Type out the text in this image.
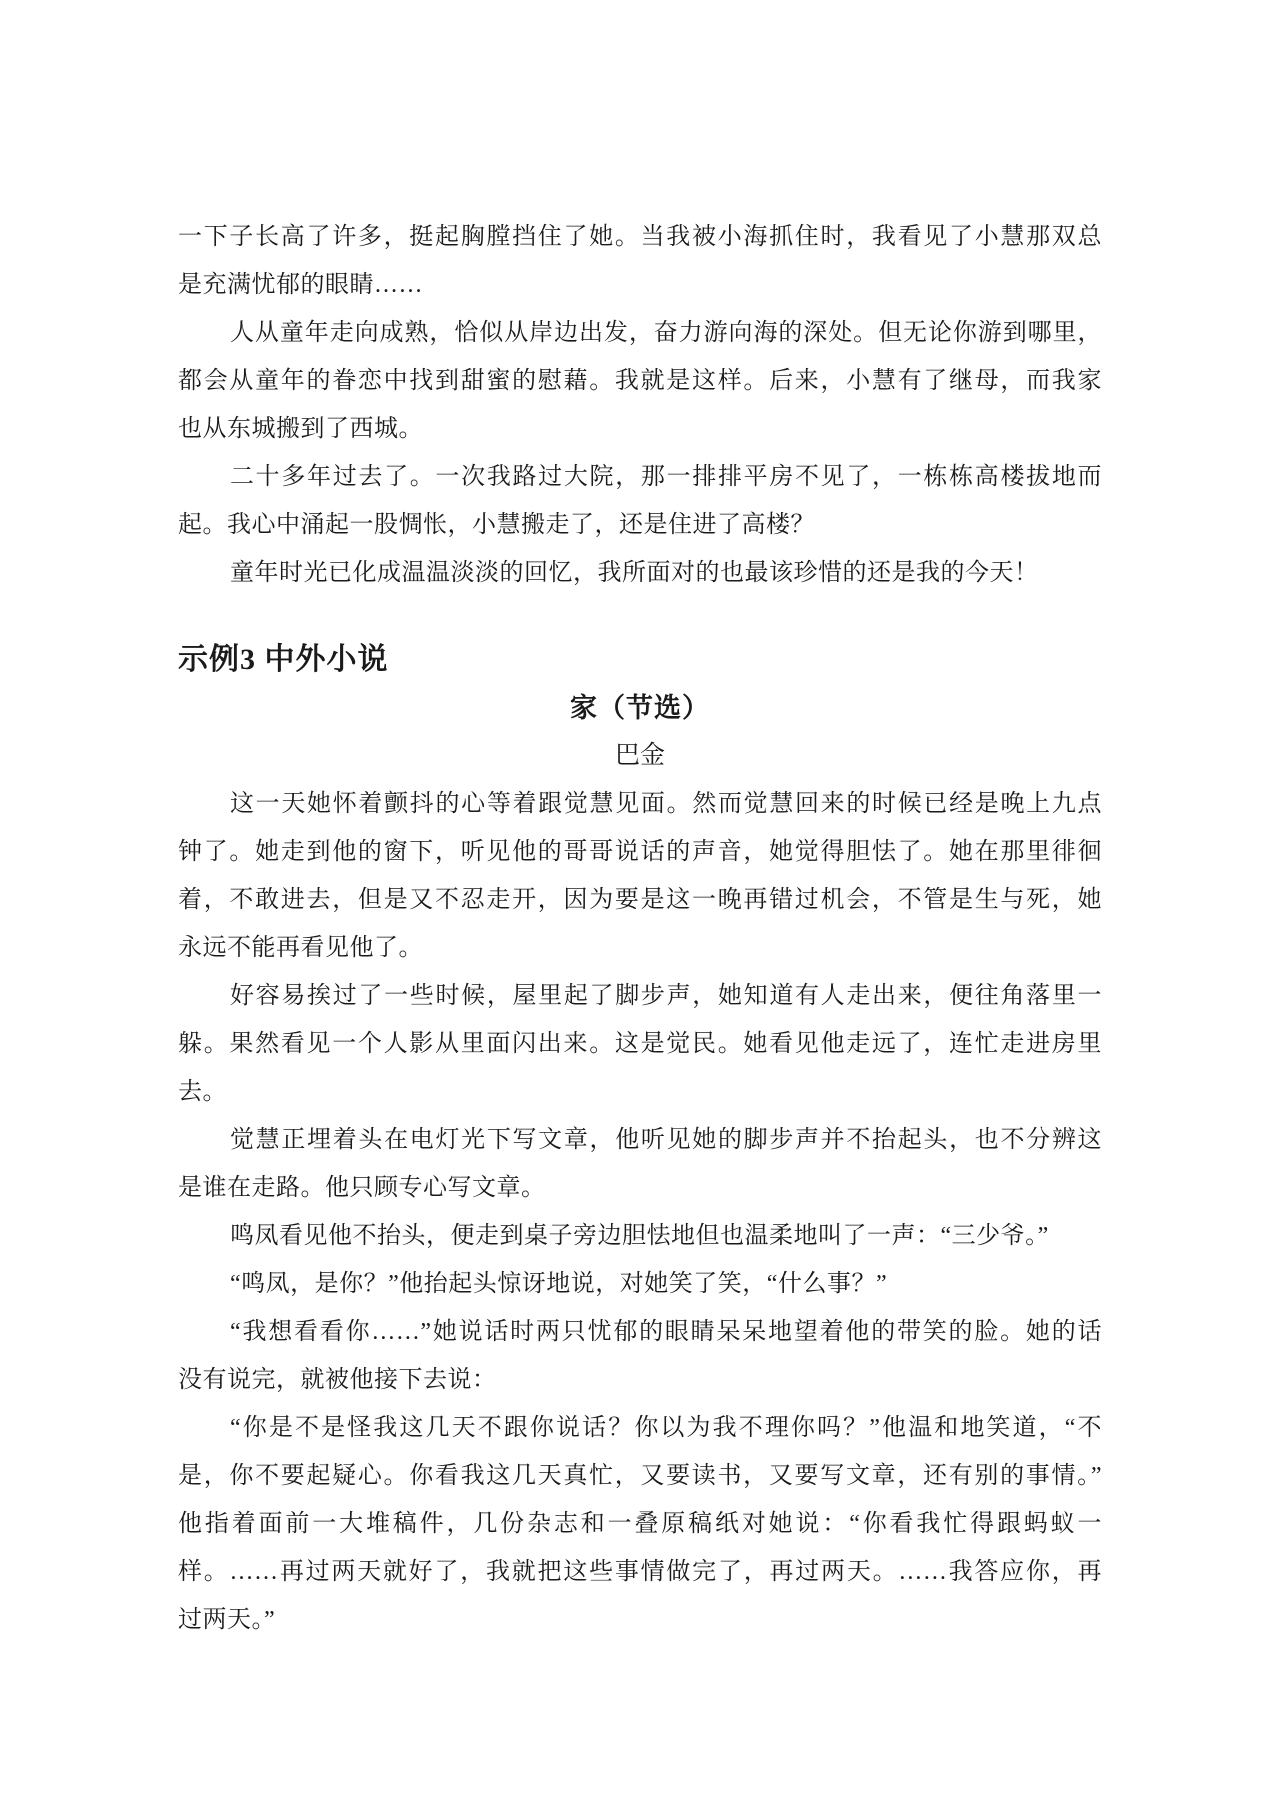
一下子长高了许多，挺起胸膛挡住了她。当我被小海抓住时，我看见了小慧那双总
是充满忧郁的眼睛……
人从童年走向成熟，恰似从岸边出发，奋力游向海的深处。但无论你游到哪里，
都会从童年的眷恋中找到甜蜜的慰藉。我就是这样。后来，小慧有了继母，而我家
也从东城搬到了西城。
二十多年过去了。一次我路过大院，那一排排平房不见了，一栋栋高楼拔地而
起。我心中涌起一股惆怅，小慧搬走了，还是住进了高楼？
童年时光已化成温温淡淡的回忆，我所面对的也最该珍惜的还是我的今天！
示例3 中外小说
家（节选）
巴金
这一天她怀着颤抖的心等着跟觉慧见面。然而觉慧回来的时候已经是晚上九点
钟了。她走到他的窗下，听见他的哥哥说话的声音，她觉得胆怯了。她在那里徘徊
着，不敢进去，但是又不忍走开，因为要是这一晚再错过机会，不管是生与死，她
永远不能再看见他了。
好容易挨过了一些时候，屋里起了脚步声，她知道有人走出来，便往角落里一
躲。果然看见一个人影从里面闪出来。这是觉民。她看见他走远了，连忙走进房里
去。
觉慧正埋着头在电灯光下写文章，他听见她的脚步声并不抬起头，也不分辨这
是谁在走路。他只顾专心写文章。
鸣凤看见他不抬头，便走到桌子旁边胆怯地但也温柔地叫了一声：“三少爷。”
“鸣凤，是你？”他抬起头惊讶地说，对她笑了笑，“什么事？”
“我想看看你……”她说话时两只忧郁的眼睛呆呆地望着他的带笑的脸。她的话
没有说完，就被他接下去说：
“你是不是怪我这几天不跟你说话？你以为我不理你吗？”他温和地笑道，“不
是，你不要起疑心。你看我这几天真忙，又要读书，又要写文章，还有别的事情。”
他指着面前一大堆稿件，几份杂志和一叠原稿纸对她说：“你看我忙得跟蚂蚁一
样。……再过两天就好了，我就把这些事情做完了，再过两天。……我答应你，再
过两天。”
